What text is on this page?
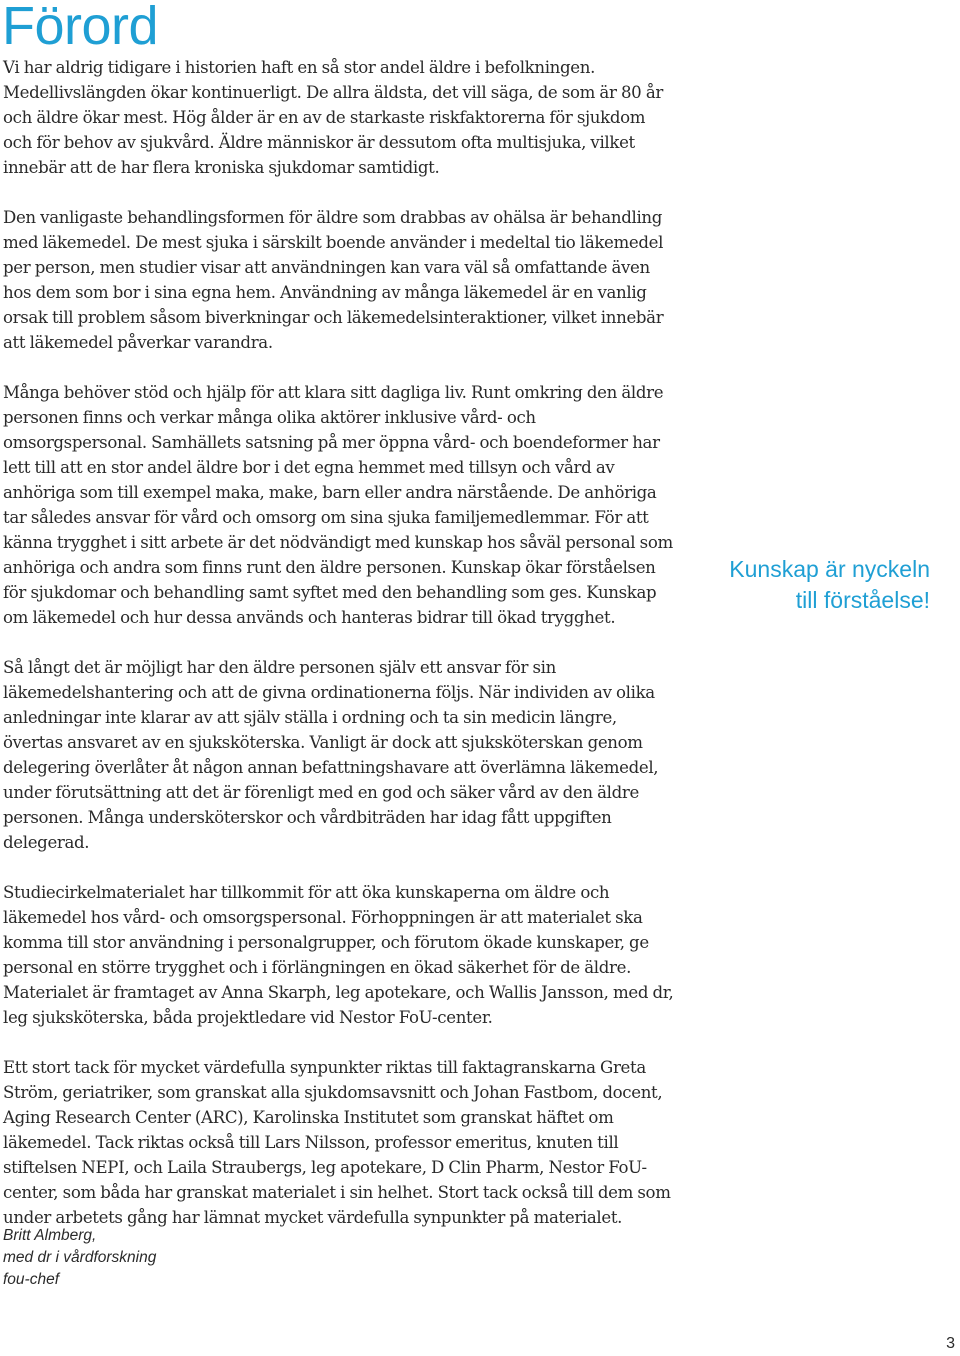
Förord

Vi har aldrig tidigare i historien haft en så stor andel äldre i befolkningen. Medellivslängden ökar kontinuerligt. De allra äldsta, det vill säga, de som är 80 år och äldre ökar mest. Hög ålder är en av de starkaste riskfaktorerna för sjukdom och för behov av sjukvård. Äldre människor är dessutom ofta multisjuka, vilket innebär att de har flera kroniska sjukdomar samtidigt.

Den vanligaste behandlingsformen för äldre som drabbas av ohälsa är behandling med läkemedel. De mest sjuka i särskilt boende använder i medeltal tio läkemedel per person, men studier visar att användningen kan vara väl så omfattande även hos dem som bor i sina egna hem. Användning av många läkemedel är en vanlig orsak till problem såsom biverkningar och läkemedelsinteraktioner, vilket innebär att läkemedel påverkar varandra.

Många behöver stöd och hjälp för att klara sitt dagliga liv. Runt omkring den äldre personen finns och verkar många olika aktörer inklusive vård- och omsorgspersonal. Samhällets satsning på mer öppna vård- och boendeformer har lett till att en stor andel äldre bor i det egna hemmet med tillsyn och vård av anhöriga som till exempel maka, make, barn eller andra närstående. De anhöriga tar således ansvar för vård och omsorg om sina sjuka familjemedlemmar. För att känna trygghet i sitt arbete är det nödvändigt med kunskap hos såväl personal som anhöriga och andra som finns runt den äldre personen. Kunskap ökar förståelsen för sjukdomar och behandling samt syftet med den behandling som ges. Kunskap om läkemedel och hur dessa används och hanteras bidrar till ökad trygghet.

Så långt det är möjligt har den äldre personen själv ett ansvar för sin läkemedelshantering och att de givna ordinationerna följs. När individen av olika anledningar inte klarar av att själv ställa i ordning och ta sin medicin längre, övertas ansvaret av en sjuksköterska. Vanligt är dock att sjuksköterskan genom delegering överlåter åt någon annan befattningshavare att överlämna läkemedel, under förutsättning att det är förenligt med en god och säker vård av den äldre personen. Många undersköterskor och vårdbiträden har idag fått uppgiften delegerad.

Studiecirkelmaterialet har tillkommit för att öka kunskaperna om äldre och läkemedel hos vård- och omsorgspersonal. Förhoppningen är att materialet ska komma till stor användning i personalgrupper, och förutom ökade kunskaper, ge personal en större trygghet och i förlängningen en ökad säkerhet för de äldre. Materialet är framtaget av Anna Skarph, leg apotekare, och Wallis Jansson, med dr, leg sjuksköterska, båda projektledare vid Nestor FoU-center.

Ett stort tack för mycket värdefulla synpunkter riktas till faktagranskarna Greta Ström, geriatriker, som granskat alla sjukdomsavsnitt och Johan Fastbom, docent, Aging Research Center (ARC), Karolinska Institutet som granskat häftet om läkemedel. Tack riktas också till Lars Nilsson, professor emeritus, knuten till stiftelsen NEPI, och Laila Straubergs, leg apotekare, D Clin Pharm, Nestor FoU-center, som båda har granskat materialet i sin helhet. Stort tack också till dem som under arbetets gång har lämnat mycket värdefulla synpunkter på materialet.

Kunskap är nyckeln
till förståelse!
Britt Almberg,
med dr i vårdforskning
fou-chef
3
